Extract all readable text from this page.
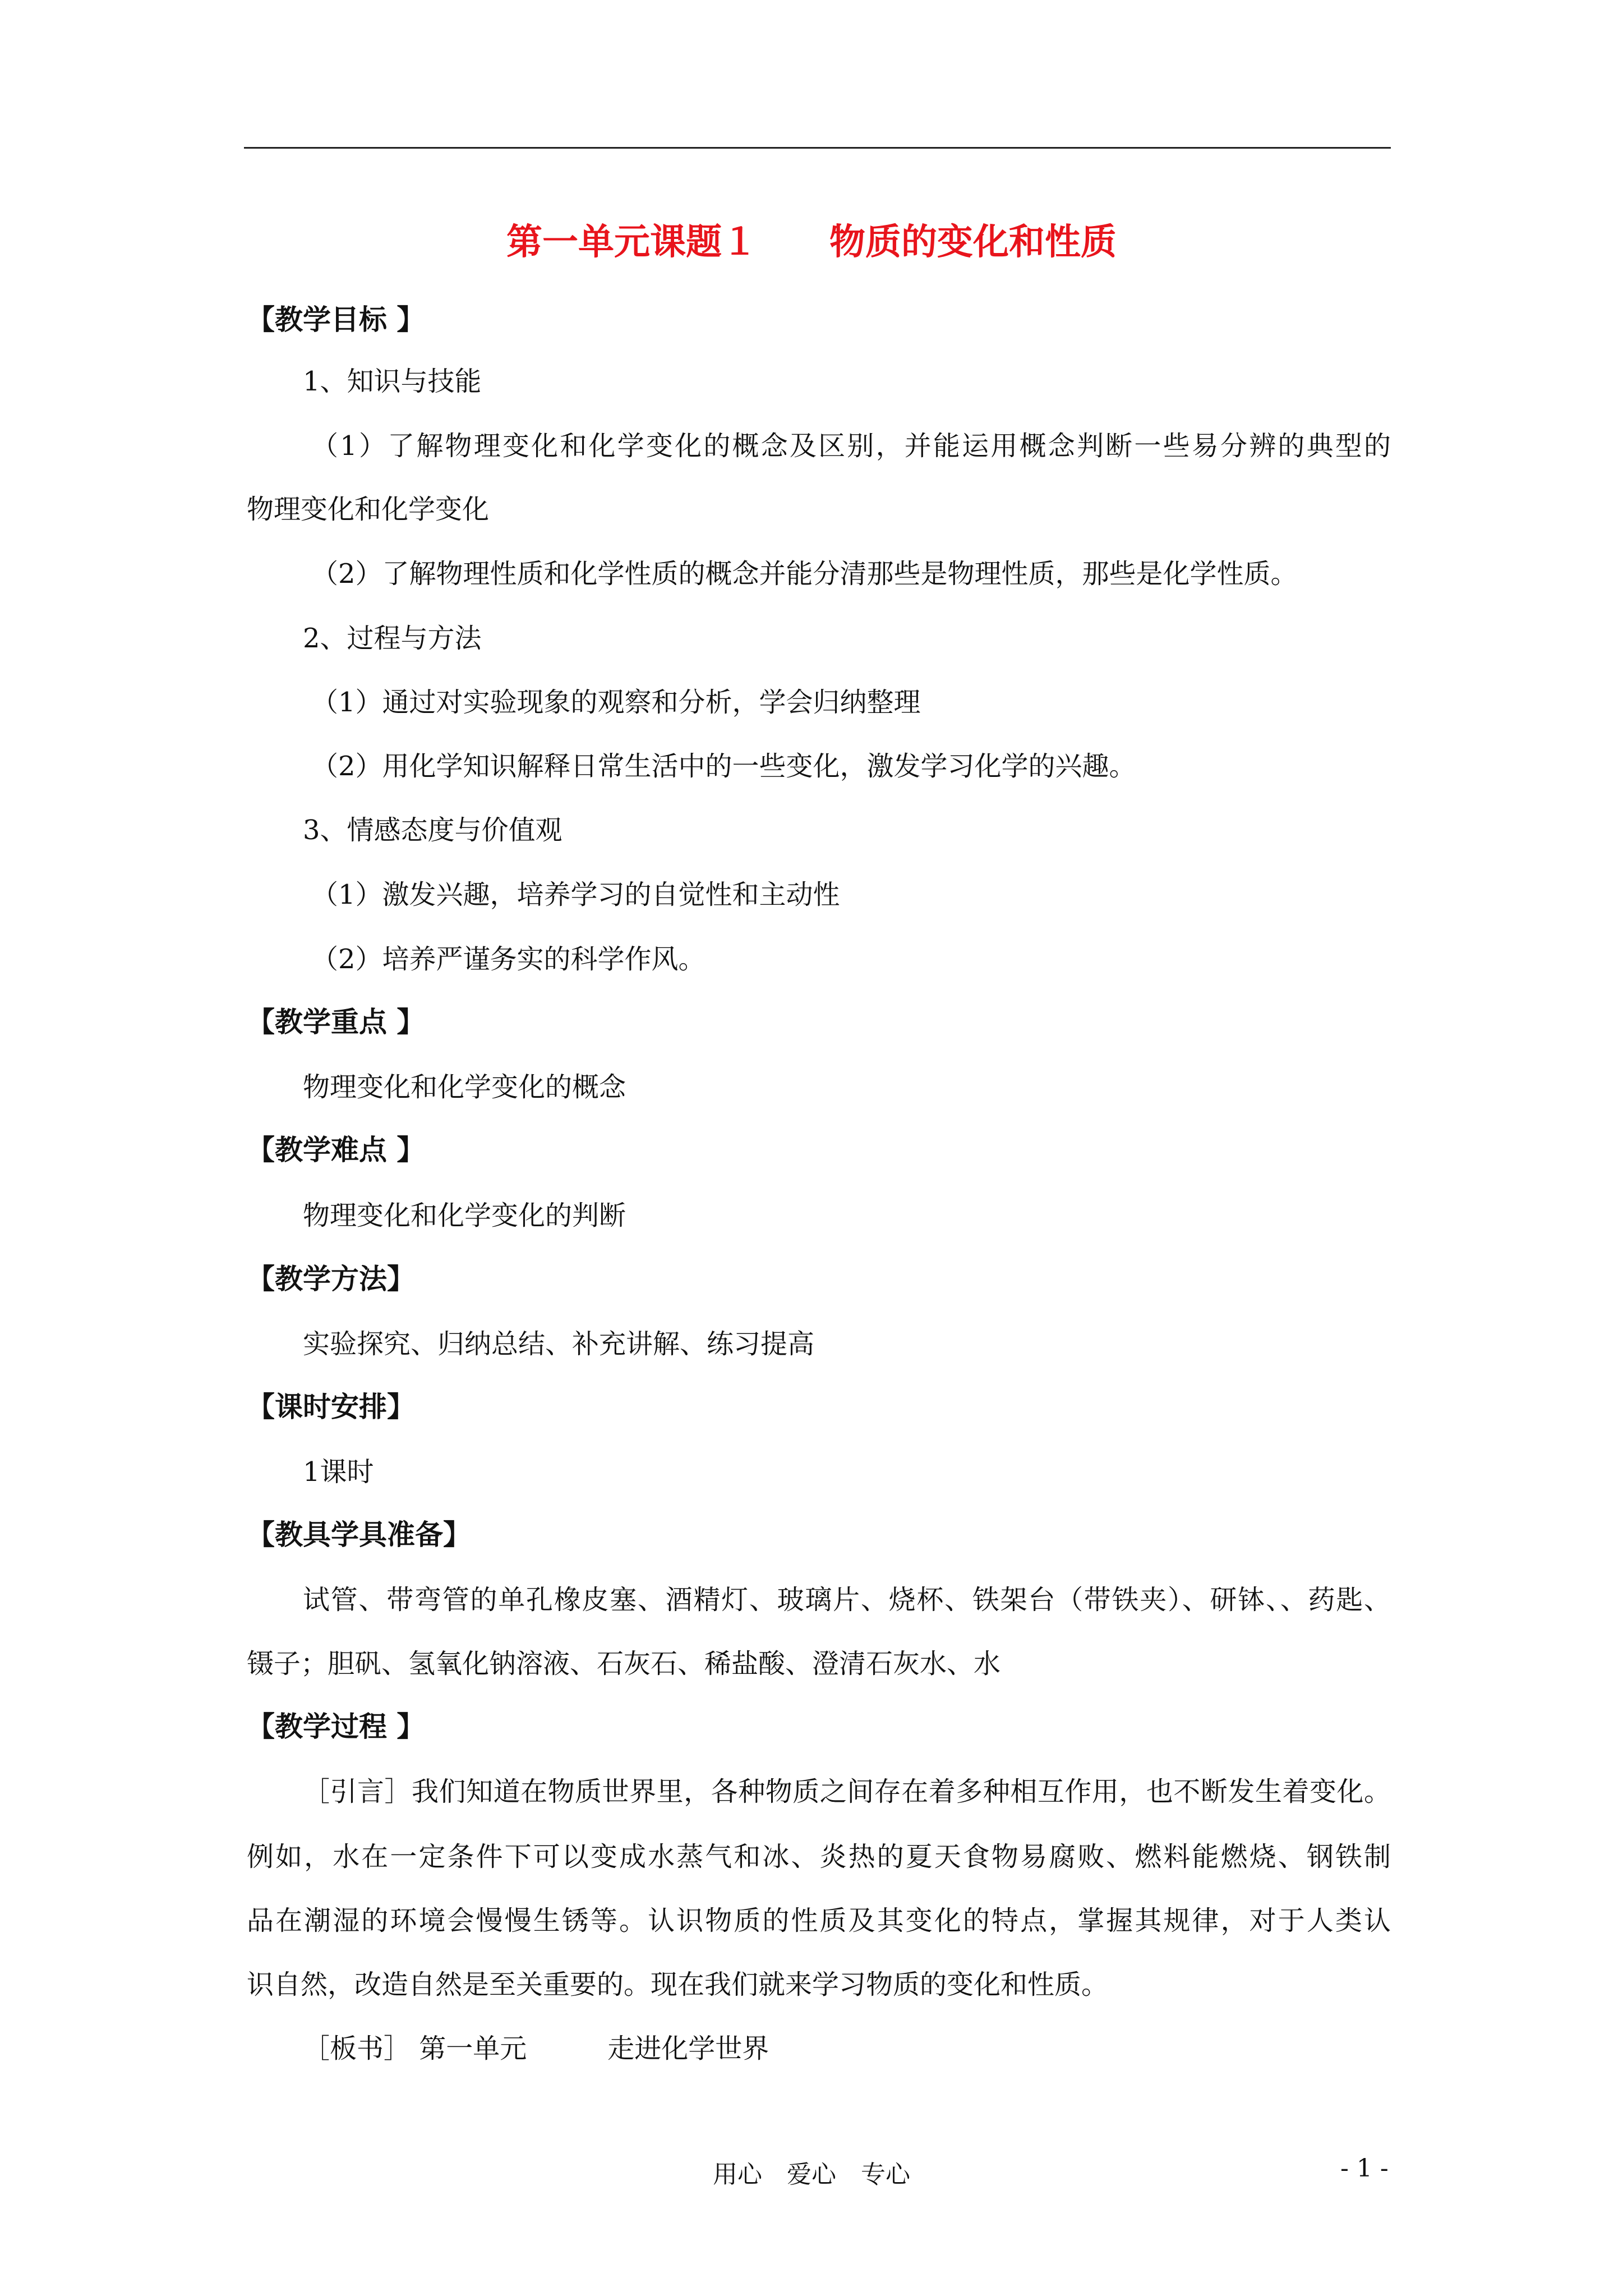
第一单元课题１　　物质的变化和性质
【教学目标 】
1、知识与技能
（1）了解物理变化和化学变化的概念及区别，并能运用概念判断一些易分辨的典型的
物理变化和化学变化
（2）了解物理性质和化学性质的概念并能分清那些是物理性质，那些是化学性质。
2、过程与方法
（1）通过对实验现象的观察和分析，学会归纳整理
（2）用化学知识解释日常生活中的一些变化，激发学习化学的兴趣。
3、情感态度与价值观
（1）激发兴趣，培养学习的自觉性和主动性
（2）培养严谨务实的科学作风。
【教学重点 】
物理变化和化学变化的概念
【教学难点 】
物理变化和化学变化的判断
【教学方法】
实验探究、归纳总结、补充讲解、练习提高
【课时安排】
1课时
【教具学具准备】
试管、带弯管的单孔橡皮塞、酒精灯、玻璃片、烧杯、铁架台（带铁夹）、研钵、、药匙、
镊子；胆矾、氢氧化钠溶液、石灰石、稀盐酸、澄清石灰水、水
【教学过程 】
［引言］我们知道在物质世界里，各种物质之间存在着多种相互作用，也不断发生着变化。
例如，水在一定条件下可以变成水蒸气和冰、炎热的夏天食物易腐败、燃料能燃烧、钢铁制
品在潮湿的环境会慢慢生锈等。认识物质的性质及其变化的特点，掌握其规律，对于人类认
识自然，改造自然是至关重要的。现在我们就来学习物质的变化和性质。
［板书］ 第一单元　　　走进化学世界
用心　爱心　专心	- 1 -
